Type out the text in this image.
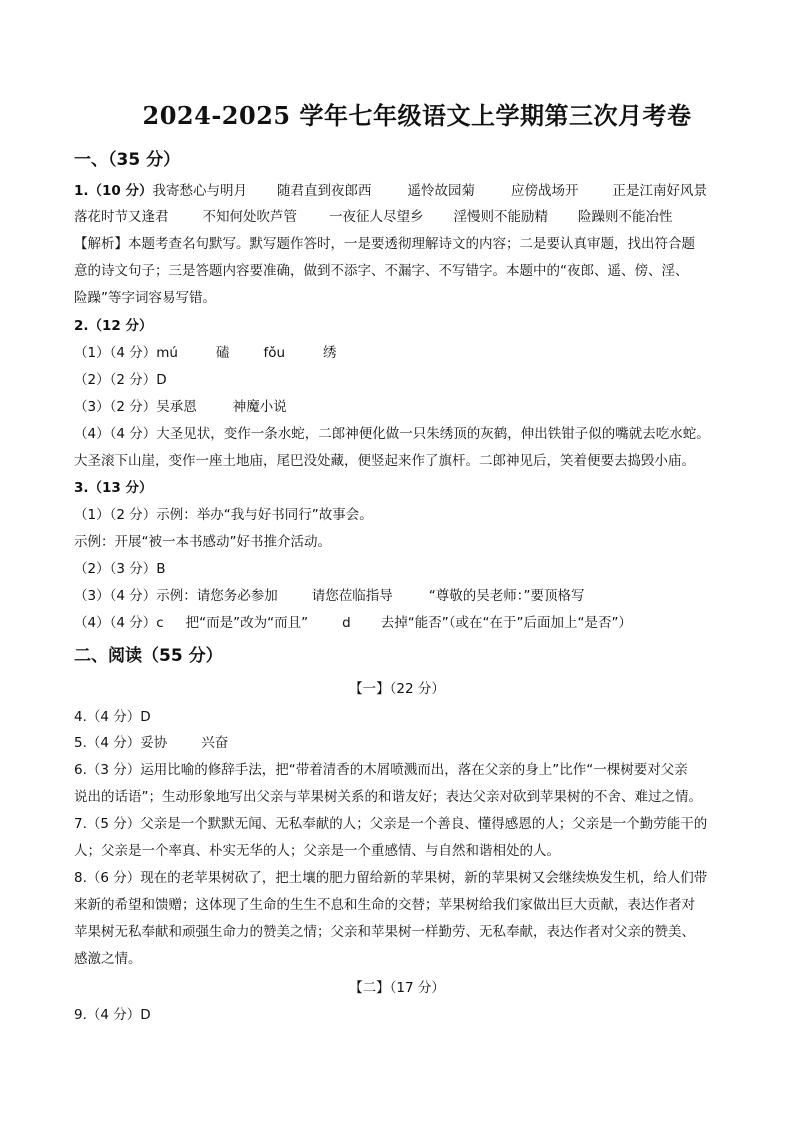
2024-2025 学年七年级语文上学期第三次月考卷
一、（35 分）
1.（10 分）我寄愁心与明月 随君直到夜郎西	遥怜故园菊	应傍战场开	正是江南好风景
落花时节又逢君	不知何处吹芦管 一夜征人尽望乡 淫慢则不能励精 险躁则不能冶性
【解析】本题考查名句默写。默写题作答时，一是要透彻理解诗文的内容；二是要认真审题，找出符合题
意的诗文句子；三是答题内容要准确，做到不添字、不漏字、不写错字。本题中的“夜郎、遥、傍、淫、
险躁”等字词容易写错。
2.（12 分）
（1）（4 分）mú	磕	fǒu	绣
（2）（2 分）D
（3）（2 分）吴承恩	神魔小说
（4）（4 分）大圣见状，变作一条水蛇，二郎神便化做一只朱绣顶的灰鹤，伸出铁钳子似的嘴就去吃水蛇。
大圣滚下山崖，变作一座土地庙，尾巴没处藏，便竖起来作了旗杆。二郎神见后，笑着便要去捣毁小庙。
3.（13 分）
（1）（2 分）示例：举办“我与好书同行”故事会。
示例：开展“被一本书感动”好书推介活动。
（2）（3 分）B
（3）（4 分）示例：请您务必参加	请您莅临指导	“尊敬的吴老师：”要顶格写
（4）（4 分）c 把“而是”改为“而且”	d 去掉“能否”（或在“在于”后面加上“是否”）
二、阅读（55 分）
【一】（22 分）
4.（4 分）D
5.（4 分）妥协	兴奋
6.（3 分）运用比喻的修辞手法，把“带着清香的木屑喷溅而出，落在父亲的身上”比作“一棵树要对父亲
说出的话语”；生动形象地写出父亲与苹果树关系的和谐友好；表达父亲对砍到苹果树的不舍、难过之情。
7.（5 分）父亲是一个默默无闻、无私奉献的人；父亲是一个善良、懂得感恩的人；父亲是一个勤劳能干的
人；父亲是一个率真、朴实无华的人；父亲是一个重感情、与自然和谐相处的人。
8.（6 分）现在的老苹果树砍了，把土壤的肥力留给新的苹果树，新的苹果树又会继续焕发生机，给人们带
来新的希望和馈赠；这体现了生命的生生不息和生命的交替；苹果树给我们家做出巨大贡献，表达作者对
苹果树无私奉献和顽强生命力的赞美之情；父亲和苹果树一样勤劳、无私奉献，表达作者对父亲的赞美、
感激之情。
【二】（17 分）
9.（4 分）D
